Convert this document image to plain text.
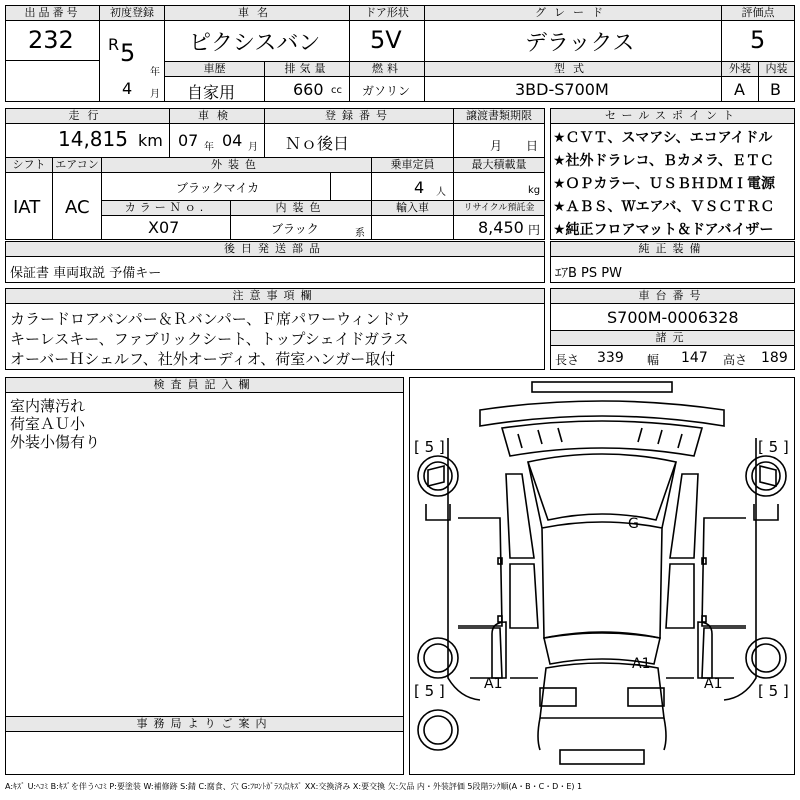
出品番号
232
初度登録
R 5
年
4 月
車名
ピクシスバン
ドア形状
5V
グレード
デラックス
評価点
5
車歴
自家用
排気量
660 cc
燃料
ガソリン
型式
3BD-S700M
外装
A
内装
B
走行
14,815 km
車検
07 年 04 月
登録番号
Ｎｏ後日
譲渡書類期限
月 日
シフト
IAT
エアコン
AC
外装色
ブラックマイカ
乗車定員
4 人
最大積載量
kg
カラーＮｏ.
X07
内装色
ブラック	系
輸入車	リサイクル預託金
8,450 円
セールスポイント
★ＣＶＴ、スマアシ、エコアイドル
★社外ドラレコ、Ｂカメラ、ＥＴＣ
★ＯＰカラー、ＵＳＢＨＤＭＩ電源
★ＡＢＳ、Ｗエアバ、ＶＳＣＴＲＣ
★純正フロアマット＆ドアバイザー
後日発送部品
保証書 車両取説 予備キー
純正装備
ｴｱB PS PW
注意事項欄
カラードロアバンパー＆Ｒバンパー、Ｆ席パワーウィンドウ
キーレスキー、ファブリックシート、トップシェイドガラス
オーバーＨシェルフ、社外オーディオ、荷室ハンガー取付
車台番号
S700M-0006328
諸元
長さ 339 幅 147 高さ 189
検査員記入欄
室内薄汚れ
荷室ＡＵ小
外装小傷有り
事務局よりご案内
[ 5 ]	[ 5 ]
[ 5 ]	[ 5 ]
G
A1
A1	A1
A:ｷｽﾞ U:ﾍｺﾐ B:ｷｽﾞを伴うﾍｺﾐ P:要塗装 W:補修跡 S:錆 C:腐食、穴 G:ﾌﾛﾝﾄｶﾞﾗｽ点ｷｽﾞ XX:交換済み X:要交換 欠:欠品 内・外装評価 5段階ﾗﾝｸ順(A・B・C・D・E) 1
